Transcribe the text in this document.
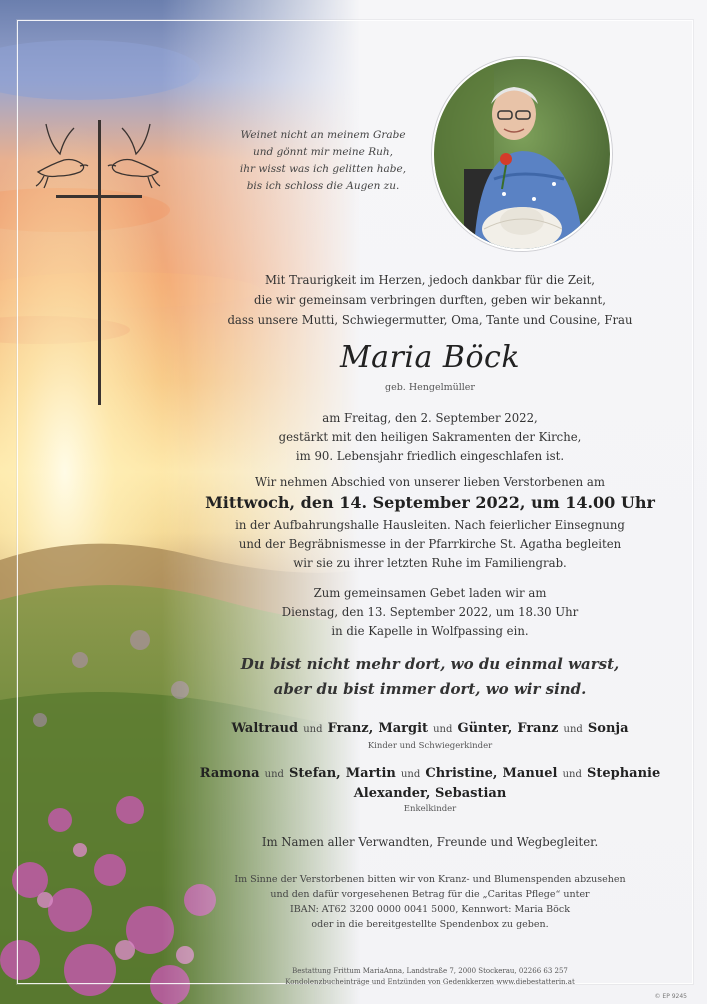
Weinet nicht an meinem Grabe
und gönnt mir meine Ruh,
ihr wisst was ich gelitten habe,
bis ich schloss die Augen zu.
Mit Traurigkeit im Herzen, jedoch dankbar für die Zeit,
die wir gemeinsam verbringen durften, geben wir bekannt,
dass unsere Mutti, Schwiegermutter, Oma, Tante und Cousine, Frau
Maria Böck
geb. Hengelmüller
am Freitag, den 2. September 2022,
gestärkt mit den heiligen Sakramenten der Kirche,
im 90. Lebensjahr friedlich eingeschlafen ist.
Wir nehmen Abschied von unserer lieben Verstorbenen am
Mittwoch, den 14. September 2022, um 14.00 Uhr
in der Aufbahrungshalle Hausleiten. Nach feierlicher Einsegnung
und der Begräbnismesse in der Pfarrkirche St. Agatha begleiten
wir sie zu ihrer letzten Ruhe im Familiengrab.
Zum gemeinsamen Gebet laden wir am
Dienstag, den 13. September 2022, um 18.30 Uhr
in die Kapelle in Wolfpassing ein.
Du bist nicht mehr dort, wo du einmal warst,
aber du bist immer dort, wo wir sind.
Waltraud und Franz, Margit und Günter, Franz und Sonja
Kinder und Schwiegerkinder
Ramona und Stefan, Martin und Christine, Manuel und Stephanie
Alexander, Sebastian
Enkelkinder
Im Namen aller Verwandten, Freunde und Wegbegleiter.
Im Sinne der Verstorbenen bitten wir von Kranz- und Blumenspenden abzusehen
und den dafür vorgesehenen Betrag für die „Caritas Pflege“ unter
IBAN: AT62 3200 0000 0041 5000, Kennwort: Maria Böck
oder in die bereitgestellte Spendenbox zu geben.
Bestattung Frittum MariaAnna, Landstraße 7, 2000 Stockerau, 02266 63 257
Kondolenzbucheinträge und Entzünden von Gedenkkerzen www.diebestatterin.at
© EP 9245
